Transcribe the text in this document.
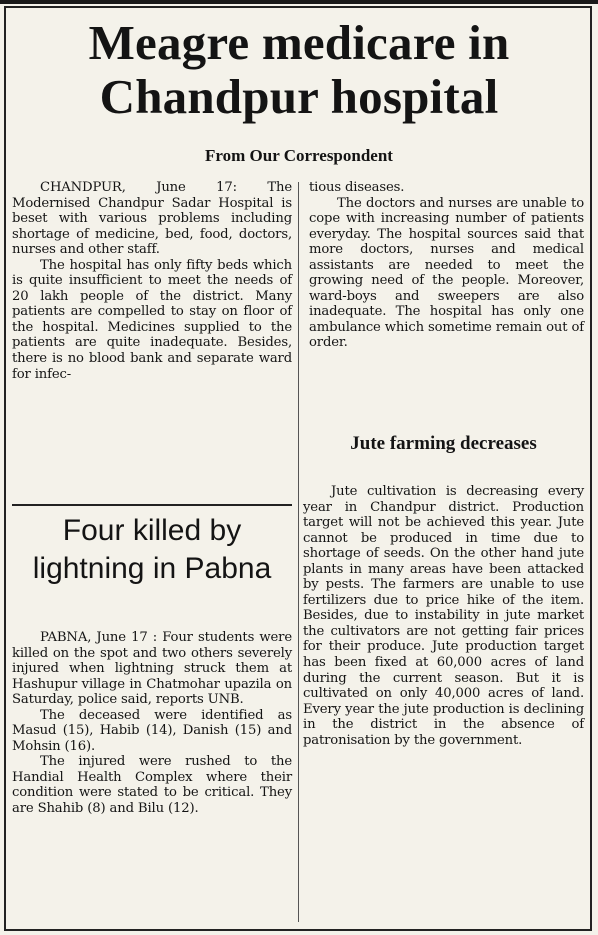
Meagre medicare in Chandpur hospital
From Our Correspondent

CHANDPUR, June 17: The Modernised Chandpur Sadar Hospital is beset with various problems including shortage of medicine, bed, food, doctors, nurses and other staff.

The hospital has only fifty beds which is quite insufficient to meet the needs of 20 lakh people of the district. Many patients are compelled to stay on floor of the hospital. Medicines supplied to the patients are quite inadequate. Besides, there is no blood bank and separate ward for infec-

tious diseases.

The doctors and nurses are unable to cope with increasing number of patients everyday. The hospital sources said that more doctors, nurses and medical assistants are needed to meet the growing need of the people. Moreover, ward-boys and sweepers are also inadequate. The hospital has only one ambulance which sometime remain out of order.

Jute farming decreases

Jute cultivation is decreasing every year in Chandpur district. Production target will not be achieved this year. Jute cannot be produced in time due to shortage of seeds. On the other hand jute plants in many areas have been attacked by pests. The farmers are unable to use fertilizers due to price hike of the item. Besides, due to instability in jute market the cultivators are not getting fair prices for their produce. Jute production target has been fixed at 60,000 acres of land during the current season. But it is cultivated on only 40,000 acres of land. Every year the jute production is declining in the district in the absence of patronisation by the government.

Four killed by lightning in Pabna

PABNA, June 17 : Four students were killed on the spot and two others severely injured when lightning struck them at Hashupur village in Chatmohar upazila on Saturday, police said, reports UNB.

The deceased were identified as Masud (15), Habib (14), Danish (15) and Mohsin (16).

The injured were rushed to the Handial Health Complex where their condition were stated to be critical. They are Shahib (8) and Bilu (12).
